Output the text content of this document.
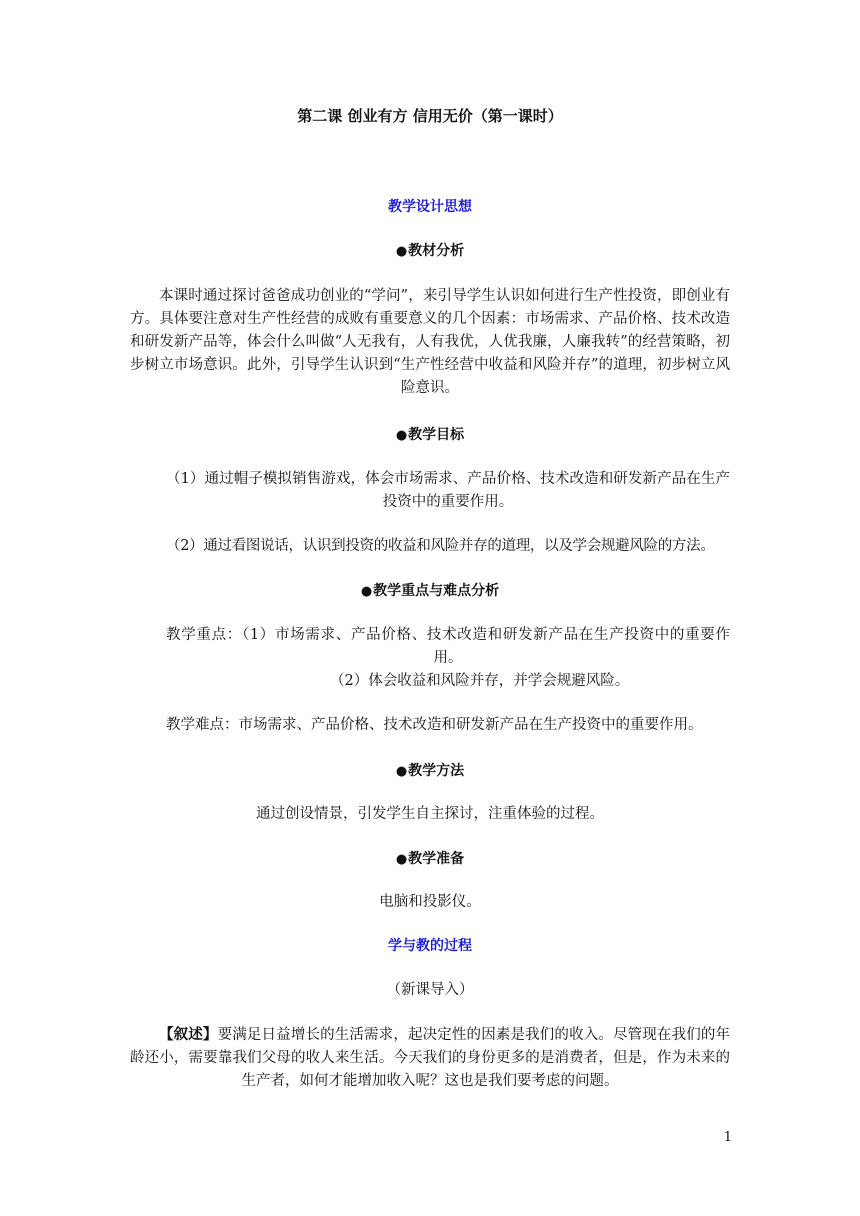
第二课 创业有方 信用无价（第一课时）
教学设计思想
●教材分析
本课时通过探讨爸爸成功创业的“学问”，来引导学生认识如何进行生产性投资，即创业有方。具体要注意对生产性经营的成败有重要意义的几个因素：市场需求、产品价格、技术改造和研发新产品等，体会什么叫做“人无我有，人有我优，人优我廉，人廉我转”的经营策略，初步树立市场意识。此外，引导学生认识到“生产性经营中收益和风险并存”的道理，初步树立风险意识。
●教学目标
（1）通过帽子模拟销售游戏，体会市场需求、产品价格、技术改造和研发新产品在生产投资中的重要作用。
（2）通过看图说话，认识到投资的收益和风险并存的道理，以及学会规避风险的方法。
●教学重点与难点分析
教学重点：（1）市场需求、产品价格、技术改造和研发新产品在生产投资中的重要作用。
（2）体会收益和风险并存，并学会规避风险。
教学难点：市场需求、产品价格、技术改造和研发新产品在生产投资中的重要作用。
●教学方法
通过创设情景，引发学生自主探讨，注重体验的过程。
●教学准备
电脑和投影仪。
学与教的过程
（新课导入）
【叙述】要满足日益增长的生活需求，起决定性的因素是我们的收入。尽管现在我们的年龄还小，需要靠我们父母的收人来生活。今天我们的身份更多的是消费者，但是，作为未来的生产者，如何才能增加收入呢？这也是我们要考虑的问题。
1
